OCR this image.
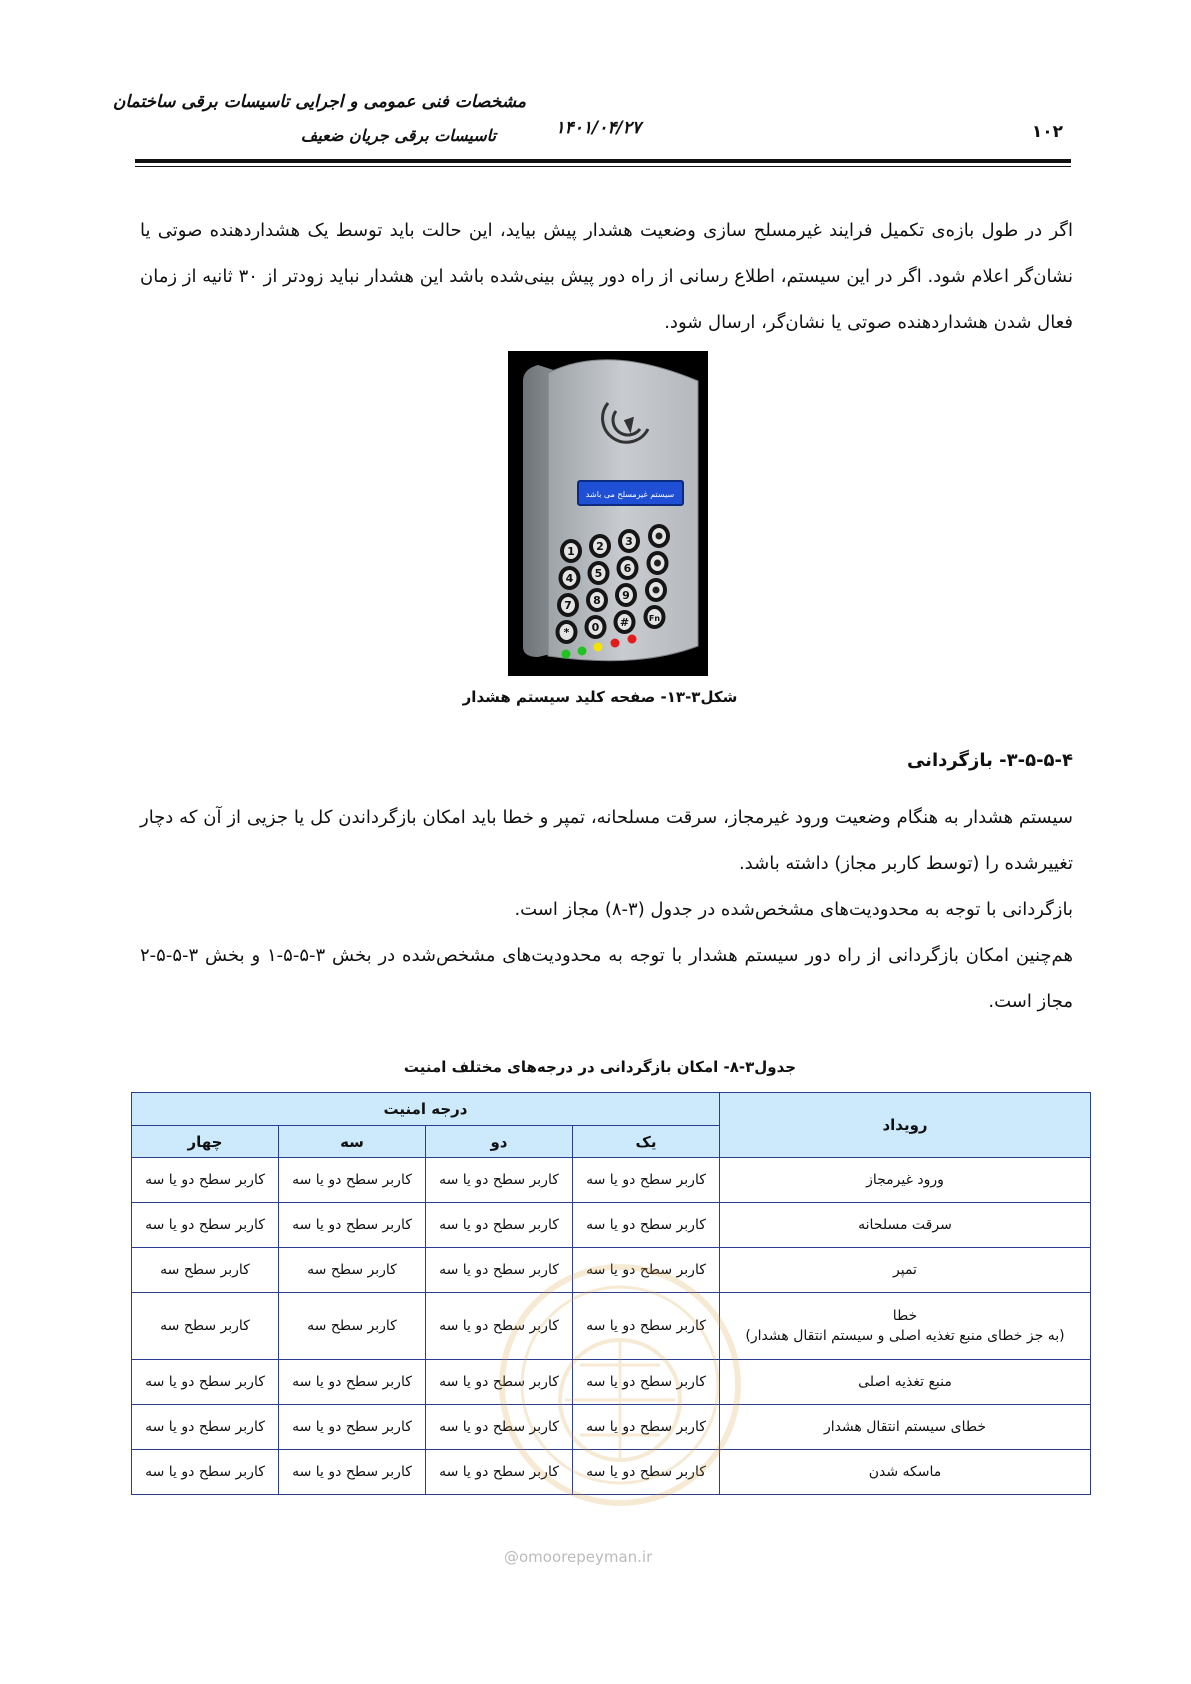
مشخصات فنی عمومی و اجرایی تاسیسات برقی ساختمان
تاسیسات برقی جریان ضعیف	۱۴۰۱/۰۴/۲۷	۱۰۲

اگر در طول بازه‌ی تکمیل فرایند غیرمسلح سازی وضعیت هشدار پیش بیاید، این حالت باید توسط یک هشداردهنده صوتی یا نشان‌گر اعلام شود. اگر در این سیستم، اطلاع رسانی از راه دور پیش بینی‌شده باشد این هشدار نباید زودتر از ۳۰ ثانیه از زمان فعال شدن هشداردهنده صوتی یا نشان‌گر، ارسال شود.

سیستم غیرمسلح می باشد
1 2 3
4 5 6
7 8 9
* 0 # Fn
شکل۳-۱۳- صفحه کلید سیستم هشدار
۳-۵-۵-۴- بازگردانی
سیستم هشدار به هنگام وضعیت ورود غیرمجاز، سرقت مسلحانه، تمپر و خطا باید امکان بازگرداندن کل یا جزیی از آن که دچار تغییرشده را (توسط کاربر مجاز) داشته باشد.
بازگردانی با توجه به محدودیت‌های مشخص‌شده در جدول (۳-۸) مجاز است.
هم‌چنین امکان بازگردانی از راه دور سیستم هشدار با توجه به محدودیت‌های مشخص‌شده در بخش ۳-۵-۵-۱ و بخش ۳-۵-۵-۲ مجاز است.
جدول۳-۸- امکان بازگردانی در درجه‌های مختلف امنیت
رویداد	درجه امنیت			
	یک	دو	سه	چهار
ورود غیرمجاز	کاربر سطح دو یا سه	کاربر سطح دو یا سه	کاربر سطح دو یا سه	کاربر سطح دو یا سه
سرقت مسلحانه	کاربر سطح دو یا سه	کاربر سطح دو یا سه	کاربر سطح دو یا سه	کاربر سطح دو یا سه
تمپر	کاربر سطح دو یا سه	کاربر سطح دو یا سه	کاربر سطح سه	کاربر سطح سه
خطا
(به جز خطای منبع تغذیه اصلی و سیستم انتقال هشدار)	کاربر سطح دو یا سه	کاربر سطح دو یا سه	کاربر سطح سه	کاربر سطح سه
منبع تغذیه اصلی	کاربر سطح دو یا سه	کاربر سطح دو یا سه	کاربر سطح دو یا سه	کاربر سطح دو یا سه
خطای سیستم انتقال هشدار	کاربر سطح دو یا سه	کاربر سطح دو یا سه	کاربر سطح دو یا سه	کاربر سطح دو یا سه
ماسکه شدن	کاربر سطح دو یا سه	کاربر سطح دو یا سه	کاربر سطح دو یا سه	کاربر سطح دو یا سه
@omoorepeyman.ir
